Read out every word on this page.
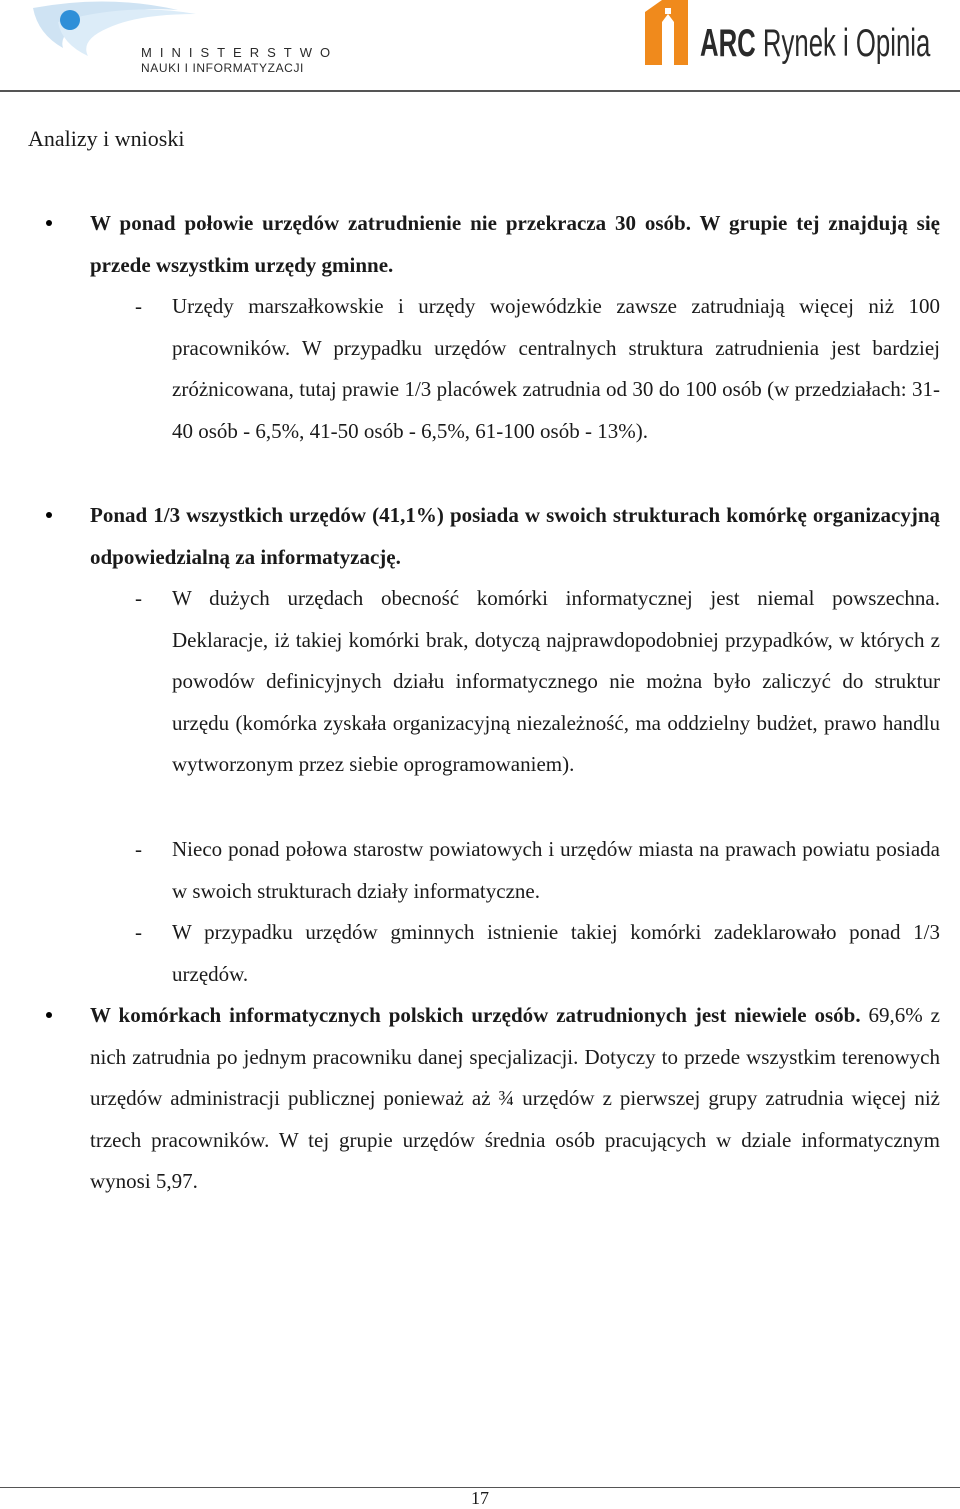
MINISTERSTWO
NAUKI I INFORMATYZACJI
ARC Rynek i Opinia
Analizy i wnioski

W ponad połowie urzędów zatrudnienie nie przekracza 30 osób. W grupie tej znajdują się przede wszystkim urzędy gminne.

- Urzędy marszałkowskie i urzędy wojewódzkie zawsze zatrudniają więcej niż 100 pracowników. W przypadku urzędów centralnych struktura zatrudnienia jest bardziej zróżnicowana, tutaj prawie 1/3 placówek zatrudnia od 30 do 100 osób (w przedziałach: 31-40 osób - 6,5%, 41-50 osób - 6,5%, 61-100 osób - 13%).

Ponad 1/3 wszystkich urzędów (41,1%) posiada w swoich strukturach komórkę organizacyjną odpowiedzialną za informatyzację.

- W dużych urzędach obecność komórki informatycznej jest niemal powszechna. Deklaracje, iż takiej komórki brak, dotyczą najprawdopodobniej przypadków, w których z powodów definicyjnych działu informatycznego nie można było zaliczyć do struktur urzędu (komórka zyskała organizacyjną niezależność, ma oddzielny budżet, prawo handlu wytworzonym przez siebie oprogramowaniem).

- Nieco ponad połowa starostw powiatowych i urzędów miasta na prawach powiatu posiada w swoich strukturach działy informatyczne.

- W przypadku urzędów gminnych istnienie takiej komórki zadeklarowało ponad 1/3 urzędów.

W komórkach informatycznych polskich urzędów zatrudnionych jest niewiele osób. 69,6% z nich zatrudnia po jednym pracowniku danej specjalizacji. Dotyczy to przede wszystkim terenowych urzędów administracji publicznej ponieważ aż ¾ urzędów z pierwszej grupy zatrudnia więcej niż trzech pracowników. W tej grupie urzędów średnia osób pracujących w dziale informatycznym wynosi 5,97.

17
